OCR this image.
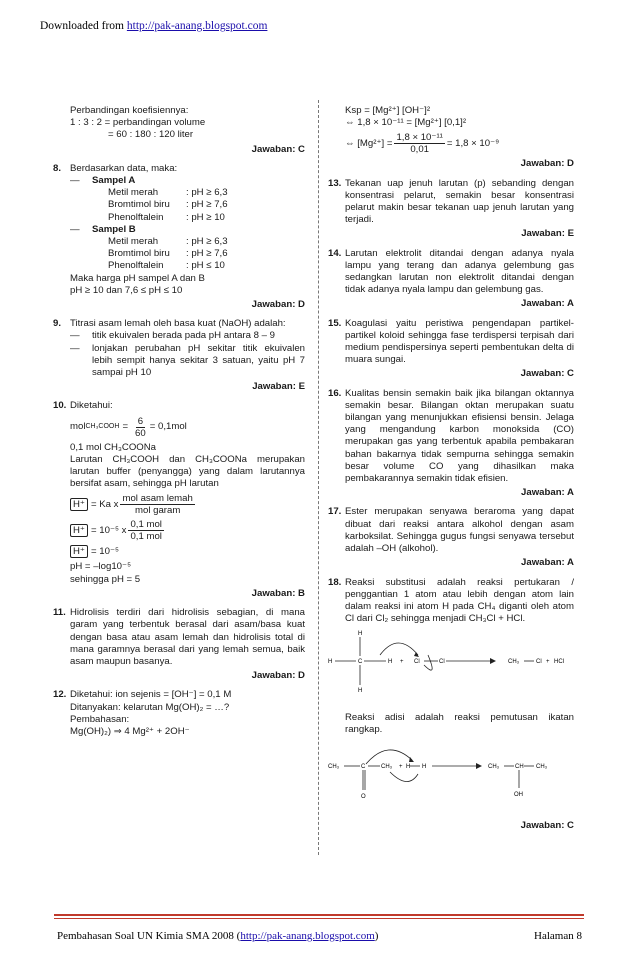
Downloaded from http://pak-anang.blogspot.com

Perbandingan koefisiennya:

1 : 3 : 2 = perbandingan volume

= 60 : 180 : 120 liter

Jawaban: C

8. Berdasarkan data, maka:

—	Sampel A
Metil merah	: pH ≥ 6,3
Bromtimol biru	: pH ≥ 7,6
Phenolftalein	: pH ≥ 10
—	Sampel B
Metil merah	: pH ≥ 6,3
Bromtimol biru	: pH ≥ 7,6
Phenolftalein	: pH ≤ 10

Maka harga pH sampel A dan B

pH ≥ 10 dan 7,6 ≤ pH ≤ 10

Jawaban: D

9. Titrasi asam lemah oleh basa kuat (NaOH) adalah:

—	titik ekuivalen berada pada pH antara 8 – 9
—	lonjakan perubahan pH sekitar titik ekuivalen lebih sempit hanya sekitar 3 satuan, yaitu pH 7 sampai pH 10

Jawaban: E

10. Diketahui:

mol CH₃COOH = $\frac{6}{60} = 0,1mol$

0,1 mol CH₃COONa

Larutan CH₃COOH dan CH₃COONa merupakan larutan buffer (penyangga) yang dalam larutannya bersifat asam, sehingga pH larutan

H⁺ = Ka x $\frac{\text{mol asam lemah}}{\text{mol garam}}$
H⁺ = 10⁻⁵ x $\frac{\text{0,1 mol}}{\text{0,1 mol}}$
H⁺ = 10⁻⁵

pH = –log10⁻⁵

sehingga pH = 5

Jawaban: B

11. Hidrolisis terdiri dari hidrolisis sebagian, di mana garam yang terbentuk berasal dari asam/basa kuat dengan basa atau asam lemah dan hidrolisis total di mana garamnya berasal dari yang lemah semua, baik asam maupun basanya.

Jawaban: D

12. Diketahui: ion sejenis = [OH⁻] = 0,1 M

Ditanyakan: kelarutan Mg(OH)₂ = …?

Pembahasan:

Mg(OH)₂) ⇒ 4 Mg²⁺ + 2OH⁻

Ksp = [Mg²⁺] [OH⁻]²

⇔ 1,8 × 10⁻¹¹ = [Mg²⁺] [0,1]²

⇔ $[Mg^{2+}] = \frac{\text{1,8 × 10⁻¹¹}}{0,01} = 1,8 \times 10^{-9}$

Jawaban: D

13. Tekanan uap jenuh larutan (p) sebanding dengan konsentrasi pelarut, semakin besar konsentrasi pelarut makin besar tekanan uap jenuh larutan yang terjadi.

Jawaban: E

14. Larutan elektrolit ditandai dengan adanya nyala lampu yang terang dan adanya gelembung gas sedangkan larutan non elektrolit ditandai dengan tidak adanya nyala lampu dan gelembung gas.

Jawaban: A

15. Koagulasi yaitu peristiwa pengendapan partikel-partikel koloid sehingga fase terdispersi terpisah dari medium pendispersinya seperti pembentukan delta di muara sungai.

Jawaban: C

16. Kualitas bensin semakin baik jika bilangan oktannya semakin besar. Bilangan oktan merupakan suatu bilangan yang menunjukkan efisiensi bensin. Jelaga yang mengandung karbon monoksida (CO) merupakan gas yang terbentuk apabila pembakaran bahan bakarnya tidak sempurna sehingga semakin besar volume CO yang dihasilkan maka pembakarannya semakin tidak efisien.

Jawaban: A

17. Ester merupakan senyawa beraroma yang dapat dibuat dari reaksi antara alkohol dengan asam karboksilat. Sehingga gugus fungsi senyawa tersebut adalah –OH (alkohol).

Jawaban: A

18. Reaksi substitusi adalah reaksi pertukaran / penggantian 1 atom atau lebih dengan atom lain dalam reaksi ini atom H pada CH₄ diganti oleh atom Cl dari Cl₂ sehingga menjadi CH₃Cl + HCl.

H
H	C	H
H
+ Cl	Cl	CH₃	Cl + HCl

Reaksi adisi adalah reaksi pemutusan ikatan rangkap.

CH₃	C	CH₃
O
+ H H	CH₃	CH CH₃
OH

Jawaban: C

Pembahasan Soal UN Kimia SMA 2008 (http://pak-anang.blogspot.com)	Halaman 8
